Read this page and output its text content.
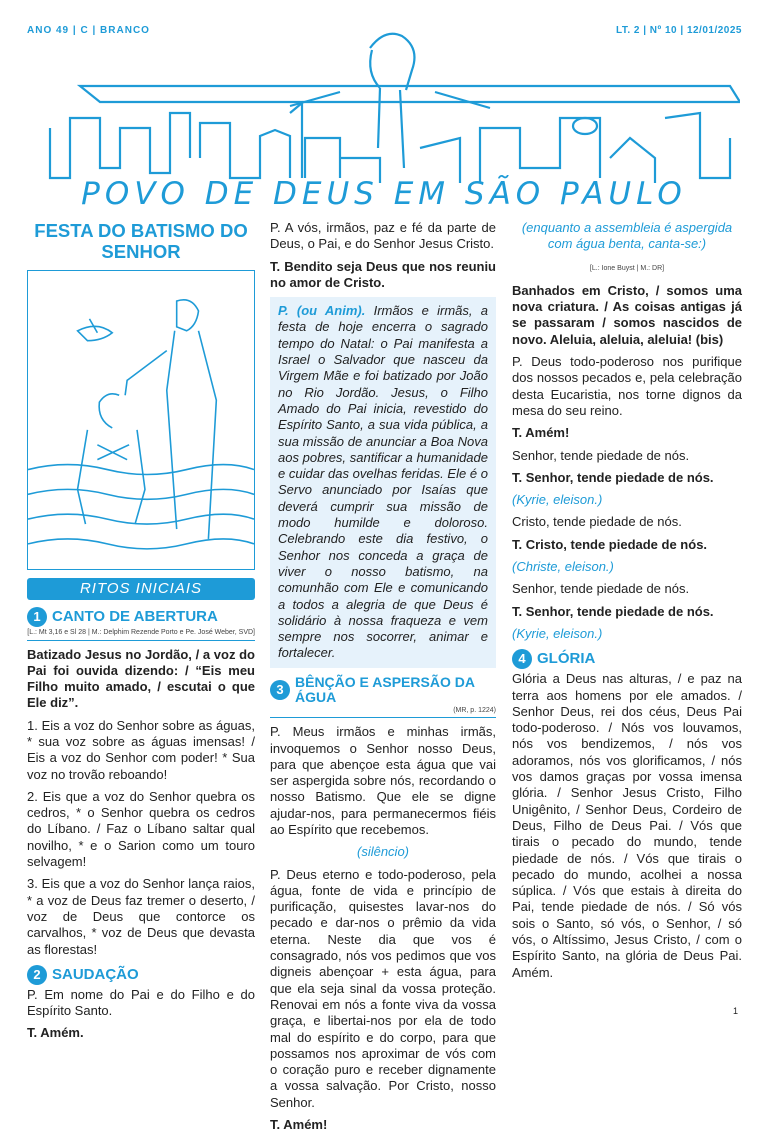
ANO 49 | C | BRANCO	LT. 2 | Nº 10 | 12/01/2025
POVO DE DEUS EM SÃO PAULO
FESTA DO BATISMO DO SENHOR
RITOS INICIAIS
1 CANTO DE ABERTURA
[L.: Mt 3,16 e Sl 28 | M.: Delphim Rezende Porto e Pe. José Weber, SVD]

Batizado Jesus no Jordão, / a voz do Pai foi ouvida dizendo: / “Eis meu Filho muito amado, / escutai o que Ele diz”.

1. Eis a voz do Senhor sobre as águas, * sua voz sobre as águas imensas! / Eis a voz do Senhor com poder! * Sua voz no trovão reboando!

2. Eis que a voz do Senhor quebra os cedros, * o Senhor quebra os cedros do Líbano. / Faz o Líbano saltar qual novilho, * e o Sarion como um touro selvagem!

3. Eis que a voz do Senhor lança raios, * a voz de Deus faz tremer o deserto, / voz de Deus que contorce os carvalhos, * voz de Deus que devasta as florestas!

2 SAUDAÇÃO

P. Em nome do Pai e do Filho e do Espírito Santo.

T. Amém.

P. A vós, irmãos, paz e fé da parte de Deus, o Pai, e do Senhor Jesus Cristo.

T. Bendito seja Deus que nos reuniu no amor de Cristo.

P. (ou Anim). Irmãos e irmãs, a festa de hoje encerra o sagrado tempo do Natal: o Pai manifesta a Israel o Salvador que nasceu da Virgem Mãe e foi batizado por João no Rio Jordão. Jesus, o Filho Amado do Pai inicia, revestido do Espírito Santo, a sua vida pública, a sua missão de anunciar a Boa Nova aos pobres, santificar a humanidade e cuidar das ovelhas feridas. Ele é o Servo anunciado por Isaías que deverá cumprir sua missão de modo humilde e doloroso. Celebrando este dia festivo, o Senhor nos conceda a graça de viver o nosso batismo, na comunhão com Ele e comunicando a todos a alegria de que Deus é solidário à nossa fraqueza e vem sempre nos socorrer, animar e fortalecer.
3 BÊNÇÃO E ASPERSÃO DA ÁGUA
(MR, p. 1224)

P. Meus irmãos e minhas irmãs, invoquemos o Senhor nosso Deus, para que abençoe esta água que vai ser aspergida sobre nós, recordando o nosso Batismo. Que ele se digne ajudar-nos, para permanecermos fiéis ao Espírito que recebemos.

(silêncio)

P. Deus eterno e todo-poderoso, pela água, fonte de vida e princípio de purificação, quisestes lavar-nos do pecado e dar-nos o prêmio da vida eterna. Neste dia que vos é consagrado, nós vos pedimos que vos digneis abençoar + esta água, para que ela seja sinal da vossa proteção. Renovai em nós a fonte viva da vossa graça, e libertai-nos por ela de todo mal do espírito e do corpo, para que possamos nos aproximar de vós com o coração puro e receber dignamente a vossa salvação. Por Cristo, nosso Senhor.

T. Amém!

(enquanto a assembleia é aspergida com água benta, canta-se:)

[L.: Ione Buyst | M.: DR]

Banhados em Cristo, / somos uma nova criatura. / As coisas antigas já se passaram / somos nascidos de novo. Aleluia, aleluia, aleluia! (bis)

P. Deus todo-poderoso nos purifique dos nossos pecados e, pela celebração desta Eucaristia, nos torne dignos da mesa do seu reino.

T. Amém!

Senhor, tende piedade de nós.

T. Senhor, tende piedade de nós.

(Kyrie, eleison.)

Cristo, tende piedade de nós.

T. Cristo, tende piedade de nós.

(Christe, eleison.)

Senhor, tende piedade de nós.

T. Senhor, tende piedade de nós.

(Kyrie, eleison.)

4 GLÓRIA

Glória a Deus nas alturas, / e paz na terra aos homens por ele amados. / Senhor Deus, rei dos céus, Deus Pai todo-poderoso. / Nós vos louvamos, nós vos bendizemos, / nós vos adoramos, nós vos glorificamos, / nós vos damos graças por vossa imensa glória. / Senhor Jesus Cristo, Filho Unigênito, / Senhor Deus, Cordeiro de Deus, Filho de Deus Pai. / Vós que tirais o pecado do mundo, tende piedade de nós. / Vós que tirais o pecado do mundo, acolhei a nossa súplica. / Vós que estais à direita do Pai, tende piedade de nós. / Só vós sois o Santo, só vós, o Senhor, / só vós, o Altíssimo, Jesus Cristo, / com o Espírito Santo, na glória de Deus Pai. Amém.

1
